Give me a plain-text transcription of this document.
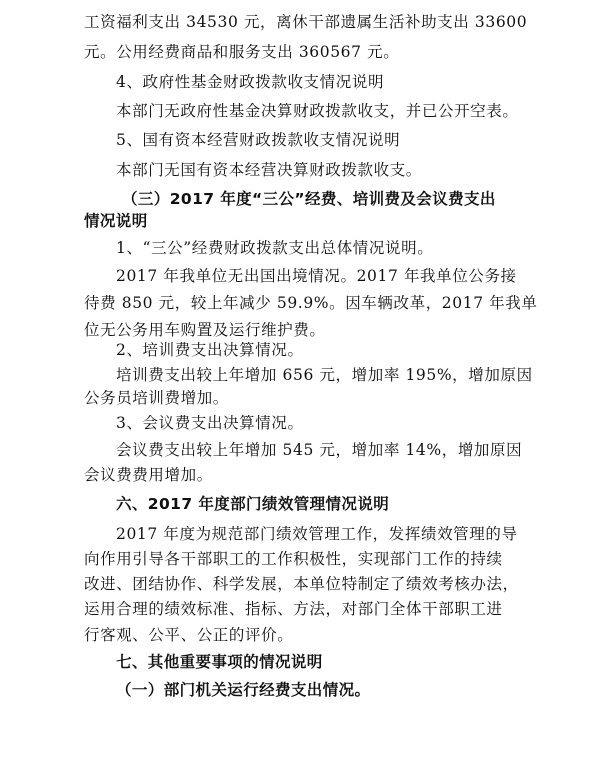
工资福利支出 34530 元，离休干部遗属生活补助支出 33600
元。公用经费商品和服务支出 360567 元。
4、政府性基金财政拨款收支情况说明
本部门无政府性基金决算财政拨款收支，并已公开空表。
5、国有资本经营财政拨款收支情况说明
本部门无国有资本经营决算财政拨款收支。
（三）2017 年度“三公”经费、培训费及会议费支出
情况说明
1、“三公”经费财政拨款支出总体情况说明。
2017 年我单位无出国出境情况。2017 年我单位公务接
待费 850 元，较上年减少 59.9%。因车辆改革，2017 年我单
位无公务用车购置及运行维护费。
2、培训费支出决算情况。
培训费支出较上年增加 656 元，增加率 195%，增加原因
公务员培训费增加。
3、会议费支出决算情况。
会议费支出较上年增加 545 元，增加率 14%，增加原因
会议费费用增加。
六、2017 年度部门绩效管理情况说明
2017 年度为规范部门绩效管理工作，发挥绩效管理的导
向作用引导各干部职工的工作积极性，实现部门工作的持续
改进、团结协作、科学发展，本单位特制定了绩效考核办法，
运用合理的绩效标准、指标、方法，对部门全体干部职工进
行客观、公平、公正的评价。
七、其他重要事项的情况说明
（一）部门机关运行经费支出情况。
